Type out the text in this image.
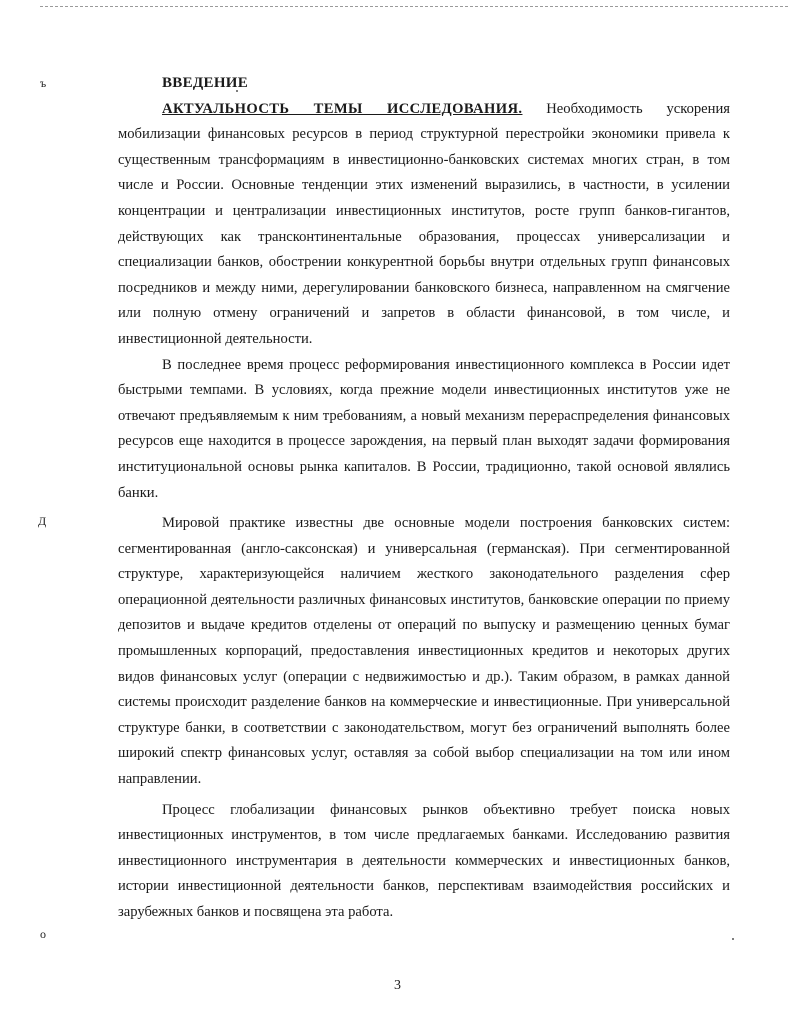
ъ
Д
о
ВВЕДЕНИЕ

АКТУАЛЬНОСТЬ ТЕМЫ ИССЛЕДОВАНИЯ. Необходимость ускорения мобилизации финансовых ресурсов в период структурной перестройки экономики привела к существенным трансформациям в инвестиционно-банковских системах многих стран, в том числе и России. Основные тенденции этих изменений выразились, в частности, в усилении концентрации и централизации инвестиционных институтов, росте групп банков-гигантов, действующих как трансконтинентальные образования, процессах универсализации и специализации банков, обострении конкурентной борьбы внутри отдельных групп финансовых посредников и между ними, дерегулировании банковского бизнеса, направленном на смягчение или полную отмену ограничений и запретов в области финансовой, в том числе, и инвестиционной деятельности.

В последнее время процесс реформирования инвестиционного комплекса в России идет быстрыми темпами. В условиях, когда прежние модели инвестиционных институтов уже не отвечают предъявляемым к ним требованиям, а новый механизм перераспределения финансовых ресурсов еще находится в процессе зарождения, на первый план выходят задачи формирования институциональной основы рынка капиталов. В России, традиционно, такой основой являлись банки.

Мировой практике известны две основные модели построения банковских систем: сегментированная (англо-саксонская) и универсальная (германская). При сегментированной структуре, характеризующейся наличием жесткого законодательного разделения сфер операционной деятельности различных финансовых институтов, банковские операции по приему депозитов и выдаче кредитов отделены от операций по выпуску и размещению ценных бумаг промышленных корпораций, предоставления инвестиционных кредитов и некоторых других видов финансовых услуг (операции с недвижимостью и др.). Таким образом, в рамках данной системы происходит разделение банков на коммерческие и инвестиционные. При универсальной структуре банки, в соответствии с законодательством, могут без ограничений выполнять более широкий спектр финансовых услуг, оставляя за собой выбор специализации на том или ином направлении.

Процесс глобализации финансовых рынков объективно требует поиска новых инвестиционных инструментов, в том числе предлагаемых банками. Исследованию развития инвестиционного инструментария в деятельности коммерческих и инвестиционных банков, истории инвестиционной деятельности банков, перспективам взаимодействия российских и зарубежных банков и посвящена эта работа.

3
